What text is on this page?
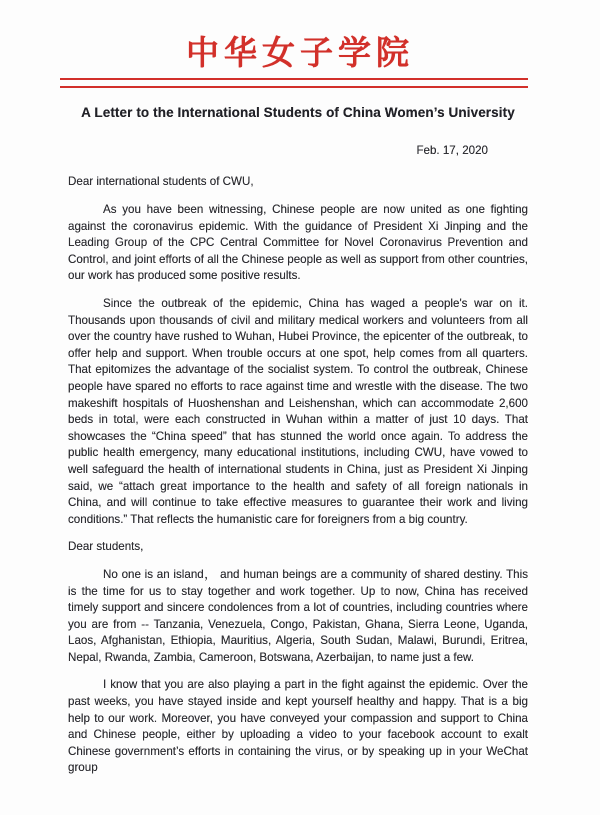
中华女子学院
A Letter to the International Students of China Women’s University
Feb. 17, 2020

Dear international students of CWU,

As you have been witnessing, Chinese people are now united as one fighting against the coronavirus epidemic. With the guidance of President Xi Jinping and the Leading Group of the CPC Central Committee for Novel Coronavirus Prevention and Control, and joint efforts of all the Chinese people as well as support from other countries, our work has produced some positive results.

Since the outbreak of the epidemic, China has waged a people's war on it. Thousands upon thousands of civil and military medical workers and volunteers from all over the country have rushed to Wuhan, Hubei Province, the epicenter of the outbreak, to offer help and support. When trouble occurs at one spot, help comes from all quarters. That epitomizes the advantage of the socialist system. To control the outbreak, Chinese people have spared no efforts to race against time and wrestle with the disease. The two makeshift hospitals of Huoshenshan and Leishenshan, which can accommodate 2,600 beds in total, were each constructed in Wuhan within a matter of just 10 days. That showcases the “China speed” that has stunned the world once again. To address the public health emergency, many educational institutions, including CWU, have vowed to well safeguard the health of international students in China, just as President Xi Jinping said, we “attach great importance to the health and safety of all foreign nationals in China, and will continue to take effective measures to guarantee their work and living conditions.” That reflects the humanistic care for foreigners from a big country.

Dear students,

No one is an island， and human beings are a community of shared destiny. This is the time for us to stay together and work together. Up to now, China has received timely support and sincere condolences from a lot of countries, including countries where you are from -- Tanzania, Venezuela, Congo, Pakistan, Ghana, Sierra Leone, Uganda, Laos, Afghanistan, Ethiopia, Mauritius, Algeria, South Sudan, Malawi, Burundi, Eritrea, Nepal, Rwanda, Zambia, Cameroon, Botswana, Azerbaijan, to name just a few.

I know that you are also playing a part in the fight against the epidemic. Over the past weeks, you have stayed inside and kept yourself healthy and happy. That is a big help to our work. Moreover, you have conveyed your compassion and support to China and Chinese people, either by uploading a video to your facebook account to exalt Chinese government’s efforts in containing the virus, or by speaking up in your WeChat group
